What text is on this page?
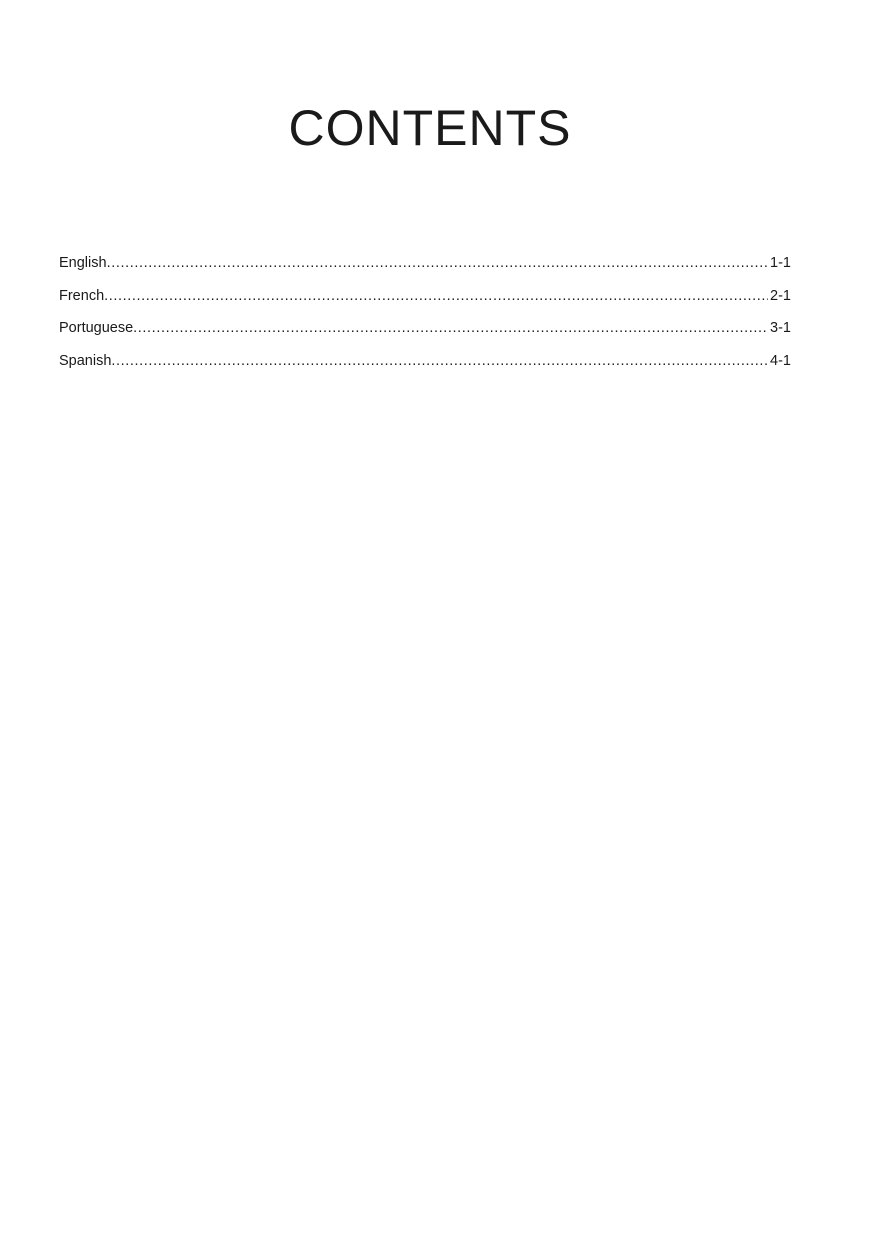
CONTENTS
English .....	1-1
French .....	2-1
Portuguese .....	3-1
Spanish .....	4-1
